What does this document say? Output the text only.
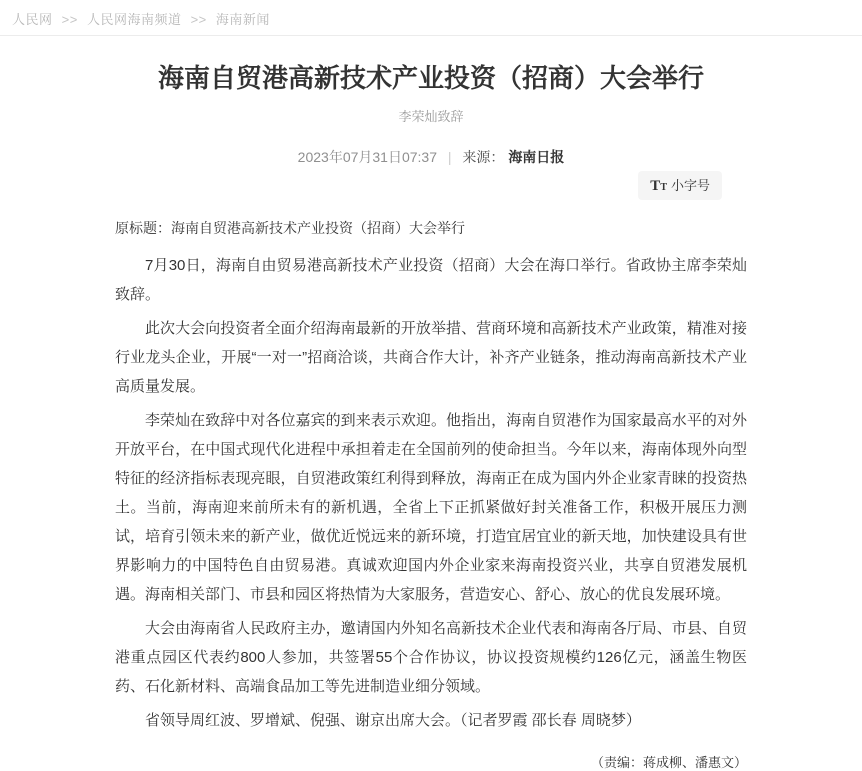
人民网 >> 人民网海南频道 >> 海南新闻
海南自贸港高新技术产业投资（招商）大会举行
李荣灿致辞
2023年07月31日07:37 | 来源： 海南日报
TT 小字号
原标题：海南自贸港高新技术产业投资（招商）大会举行

7月30日，海南自由贸易港高新技术产业投资（招商）大会在海口举行。省政协主席李荣灿致辞。

此次大会向投资者全面介绍海南最新的开放举措、营商环境和高新技术产业政策，精准对接行业龙头企业，开展“一对一”招商洽谈，共商合作大计，补齐产业链条，推动海南高新技术产业高质量发展。

李荣灿在致辞中对各位嘉宾的到来表示欢迎。他指出，海南自贸港作为国家最高水平的对外开放平台，在中国式现代化进程中承担着走在全国前列的使命担当。今年以来，海南体现外向型特征的经济指标表现亮眼，自贸港政策红利得到释放，海南正在成为国内外企业家青睐的投资热土。当前，海南迎来前所未有的新机遇，全省上下正抓紧做好封关准备工作，积极开展压力测试，培育引领未来的新产业，做优近悦远来的新环境，打造宜居宜业的新天地，加快建设具有世界影响力的中国特色自由贸易港。真诚欢迎国内外企业家来海南投资兴业，共享自贸港发展机遇。海南相关部门、市县和园区将热情为大家服务，营造安心、舒心、放心的优良发展环境。

大会由海南省人民政府主办，邀请国内外知名高新技术企业代表和海南各厅局、市县、自贸港重点园区代表约800人参加，共签署55个合作协议，协议投资规模约126亿元，涵盖生物医药、石化新材料、高端食品加工等先进制造业细分领域。

省领导周红波、罗增斌、倪强、谢京出席大会。（记者罗霞 邵长春 周晓梦）

（责编：蒋成柳、潘惠文）
